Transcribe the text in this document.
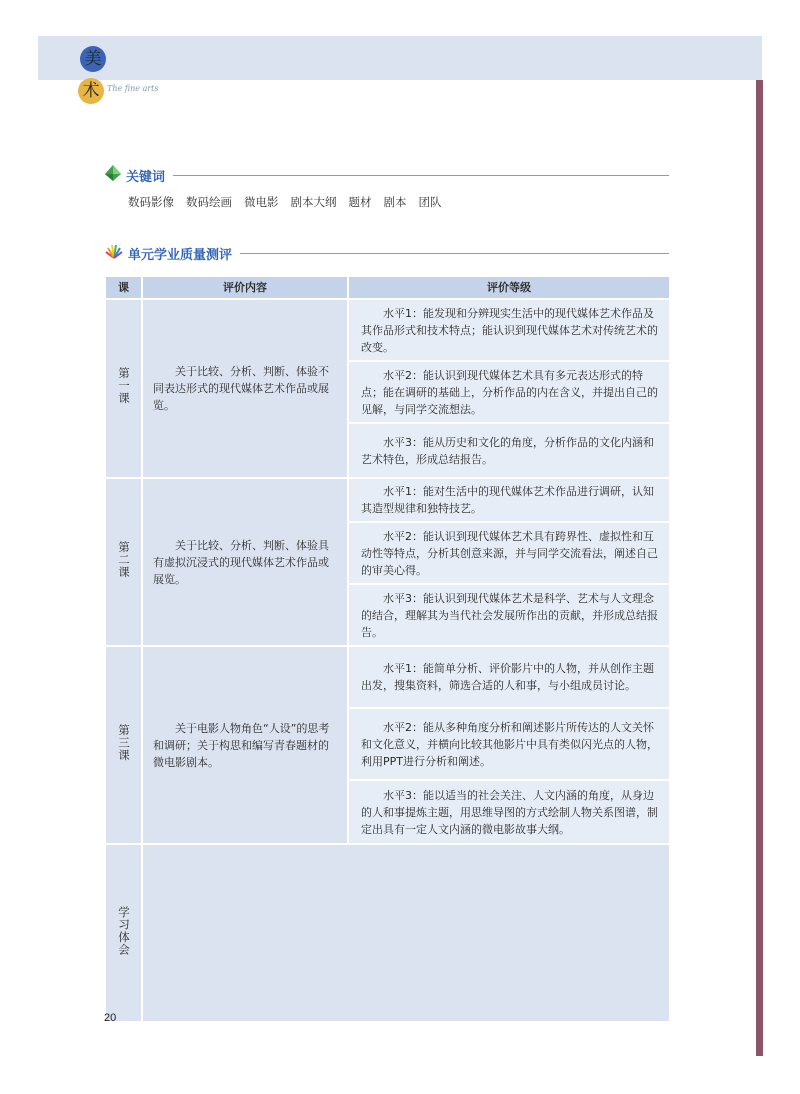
美
术 The fine arts
关键词
数码影像 数码绘画 微电影 剧本大纲 题材 剧本 团队
单元学业质量测评
课	评价内容	评价等级
第一课	关于比较、分析、判断、体验不同表达形式的现代媒体艺术作品或展览。	水平1：能发现和分辨现实生活中的现代媒体艺术作品及其作品形式和技术特点；能认识到现代媒体艺术对传统艺术的改变。
		水平2：能认识到现代媒体艺术具有多元表达形式的特点；能在调研的基础上，分析作品的内在含义，并提出自己的见解，与同学交流想法。
		水平3：能从历史和文化的角度，分析作品的文化内涵和艺术特色，形成总结报告。
第二课	关于比较、分析、判断、体验具有虚拟沉浸式的现代媒体艺术作品或展览。	水平1：能对生活中的现代媒体艺术作品进行调研，认知其造型规律和独特技艺。
		水平2：能认识到现代媒体艺术具有跨界性、虚拟性和互动性等特点，分析其创意来源，并与同学交流看法，阐述自己的审美心得。
		水平3：能认识到现代媒体艺术是科学、艺术与人文理念的结合，理解其为当代社会发展所作出的贡献，并形成总结报告。
第三课	关于电影人物角色“人设”的思考和调研；关于构思和编写青春题材的微电影剧本。	水平1：能简单分析、评价影片中的人物，并从创作主题出发，搜集资料，筛选合适的人和事，与小组成员讨论。
		水平2：能从多种角度分析和阐述影片所传达的人文关怀和文化意义，并横向比较其他影片中具有类似闪光点的人物，利用PPT进行分析和阐述。
		水平3：能以适当的社会关注、人文内涵的角度，从身边的人和事提炼主题，用思维导图的方式绘制人物关系图谱，制定出具有一定人文内涵的微电影故事大纲。
学习体会		
20
